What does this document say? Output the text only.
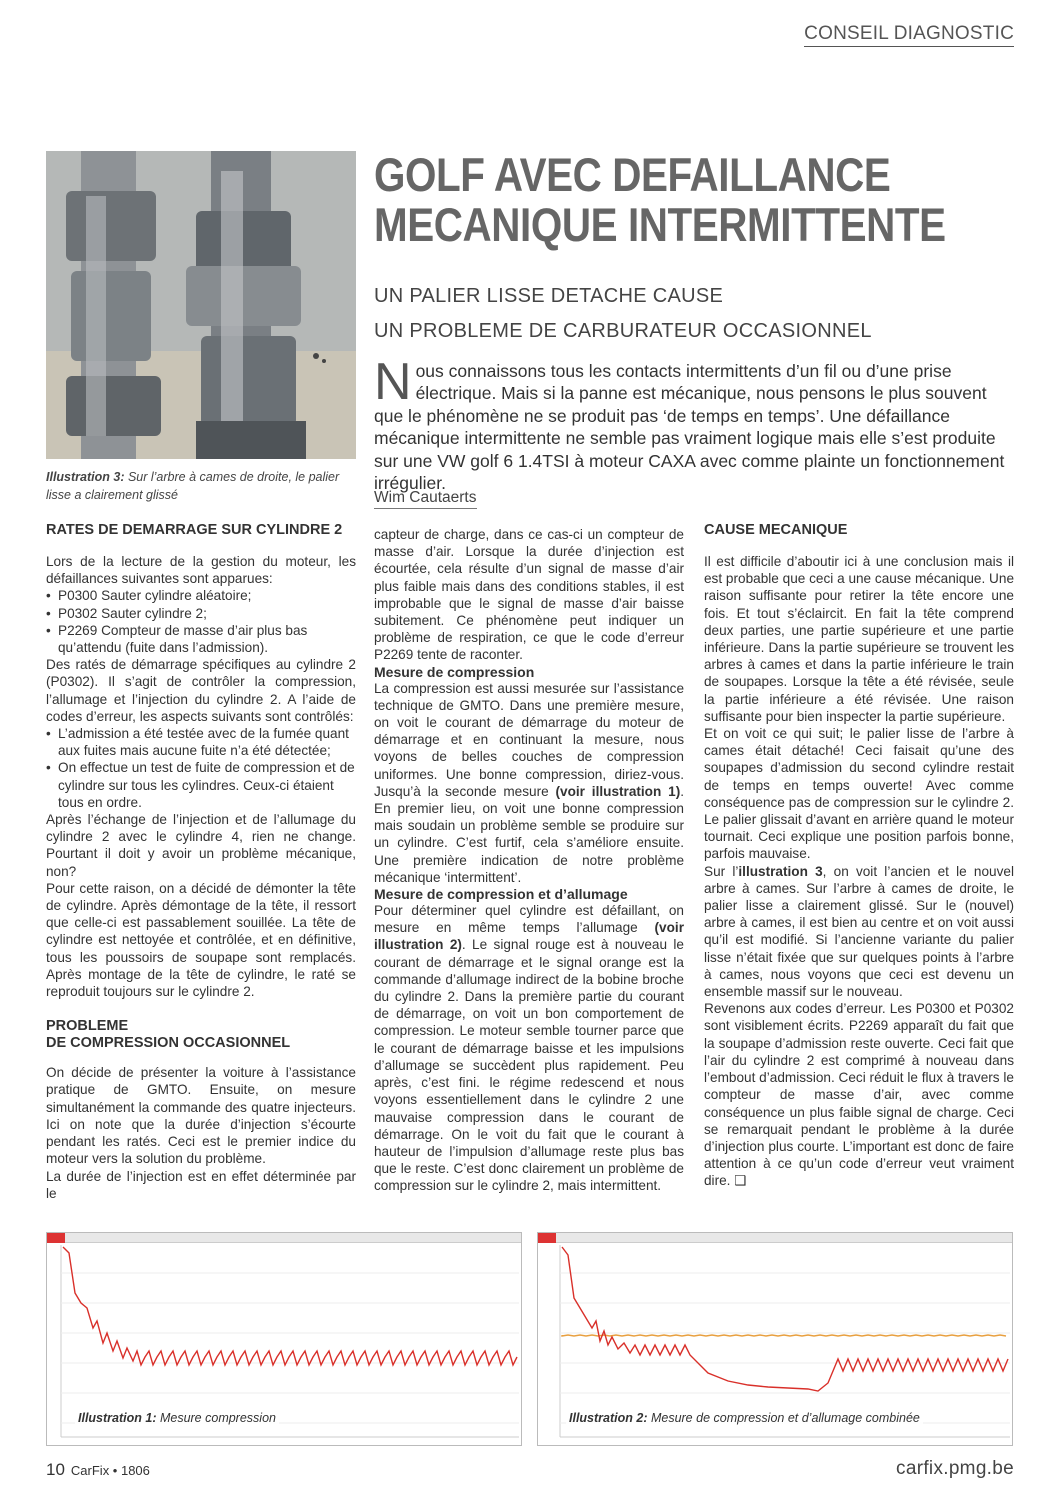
CONSEIL DIAGNOSTIC
Illustration 3: Sur l’arbre à cames de droite, le palier lisse a clairement glissé
GOLF AVEC DEFAILLANCE
MECANIQUE INTERMITTENTE
UN PALIER LISSE DETACHE CAUSE
UN PROBLEME DE CARBURATEUR OCCASIONNEL
Nous connaissons tous les contacts intermittents d’un fil ou d’une prise électrique. Mais si la panne est mécanique, nous pensons le plus souvent que le phénomène ne se produit pas ‘de temps en temps’. Une défaillance mécanique intermittente ne semble pas vraiment logique mais elle s’est produite sur une VW golf 6 1.4TSI à moteur CAXA avec comme plainte un fonctionnement irrégulier.
Wim Cautaerts
RATES DE DEMARRAGE SUR CYLINDRE 2

Lors de la lecture de la gestion du moteur, les défaillances suivantes sont apparues:

• P0300 Sauter cylindre aléatoire;
• P0302 Sauter cylindre 2;
• P2269 Compteur de masse d’air plus bas qu’attendu (fuite dans l’admission).

Des ratés de démarrage spécifiques au cylindre 2 (P0302). Il s’agit de contrôler la compression, l’allumage et l’injection du cylindre 2. A l’aide de codes d’erreur, les aspects suivants sont contrôlés:

• L’admission a été testée avec de la fumée quant aux fuites mais aucune fuite n’a été détectée;
• On effectue un test de fuite de compression et de cylindre sur tous les cylindres. Ceux-ci étaient tous en ordre.

Après l’échange de l’injection et de l’allumage du cylindre 2 avec le cylindre 4, rien ne change. Pourtant il doit y avoir un problème mécanique, non?

Pour cette raison, on a décidé de démonter la tête de cylindre. Après démontage de la tête, il ressort que celle-ci est passablement souillée. La tête de cylindre est nettoyée et contrôlée, et en définitive, tous les poussoirs de soupape sont remplacés. Après montage de la tête de cylindre, le raté se reproduit toujours sur le cylindre 2.

PROBLEME
DE COMPRESSION OCCASIONNEL

On décide de présenter la voiture à l’assistance pratique de GMTO. Ensuite, on mesure simultanément la commande des quatre injecteurs. Ici on note que la durée d’injection s’écourte pendant les ratés. Ceci est le premier indice du moteur vers la solution du problème.

La durée de l’injection est en effet déterminée par le

capteur de charge, dans ce cas-ci un compteur de masse d’air. Lorsque la durée d’injection est écourtée, cela résulte d’un signal de masse d’air plus faible mais dans des conditions stables, il est improbable que le signal de masse d’air baisse subitement. Ce phénomène peut indiquer un problème de respiration, ce que le code d’erreur P2269 tente de raconter.

Mesure de compression

La compression est aussi mesurée sur l’assistance technique de GMTO. Dans une première mesure, on voit le courant de démarrage du moteur de démarrage et en continuant la mesure, nous voyons de belles couches de compression uniformes. Une bonne compression, diriez-vous. Jusqu’à la seconde mesure (voir illustration 1). En premier lieu, on voit une bonne compression mais soudain un problème semble se produire sur un cylindre. C’est furtif, cela s’améliore ensuite. Une première indication de notre problème mécanique ‘intermittent’.

Mesure de compression et d’allumage

Pour déterminer quel cylindre est défaillant, on mesure en même temps l’allumage (voir illustration 2). Le signal rouge est à nouveau le courant de démarrage et le signal orange est la commande d’allumage indirect de la bobine broche du cylindre 2. Dans la première partie du courant de démarrage, on voit un bon comportement de compression. Le moteur semble tourner parce que le courant de démarrage baisse et les impulsions d’allumage se succèdent plus rapidement. Peu après, c’est fini. le régime redescend et nous voyons essentiellement dans le cylindre 2 une mauvaise compression dans le courant de démarrage. On le voit du fait que le courant à hauteur de l’impulsion d’allumage reste plus bas que le reste. C’est donc clairement un problème de compression sur le cylindre 2, mais intermittent.

CAUSE MECANIQUE

Il est difficile d’aboutir ici à une conclusion mais il est probable que ceci a une cause mécanique. Une raison suffisante pour retirer la tête encore une fois. Et tout s’éclaircit. En fait la tête comprend deux parties, une partie supérieure et une partie inférieure. Dans la partie supérieure se trouvent les arbres à cames et dans la partie inférieure le train de soupapes. Lorsque la tête a été révisée, seule la partie inférieure a été révisée. Une raison suffisante pour bien inspecter la partie supérieure.

Et on voit ce qui suit; le palier lisse de l’arbre à cames était détaché! Ceci faisait qu’une des soupapes d’admission du second cylindre restait de temps en temps ouverte! Avec comme conséquence pas de compression sur le cylindre 2. Le palier glissait d’avant en arrière quand le moteur tournait. Ceci explique une position parfois bonne, parfois mauvaise.

Sur l’illustration 3, on voit l’ancien et le nouvel arbre à cames. Sur l’arbre à cames de droite, le palier lisse a clairement glissé. Sur le (nouvel) arbre à cames, il est bien au centre et on voit aussi qu’il est modifié. Si l’ancienne variante du palier lisse n’était fixée que sur quelques points à l’arbre à cames, nous voyons que ceci est devenu un ensemble massif sur le nouveau.

Revenons aux codes d’erreur. Les P0300 et P0302 sont visiblement écrits. P2269 apparaît du fait que la soupape d’admission reste ouverte. Ceci fait que l’air du cylindre 2 est comprimé à nouveau dans l’embout d’admission. Ceci réduit le flux à travers le compteur de masse d’air, avec comme conséquence un plus faible signal de charge. Ceci se remarquait pendant le problème à la durée d’injection plus courte. L’important est donc de faire attention à ce qu’un code d’erreur veut vraiment dire. ❑

Illustration 1: Mesure compression	Illustration 2: Mesure de compression et d’allumage combinée
10 CarFix • 1806	carfix.pmg.be
